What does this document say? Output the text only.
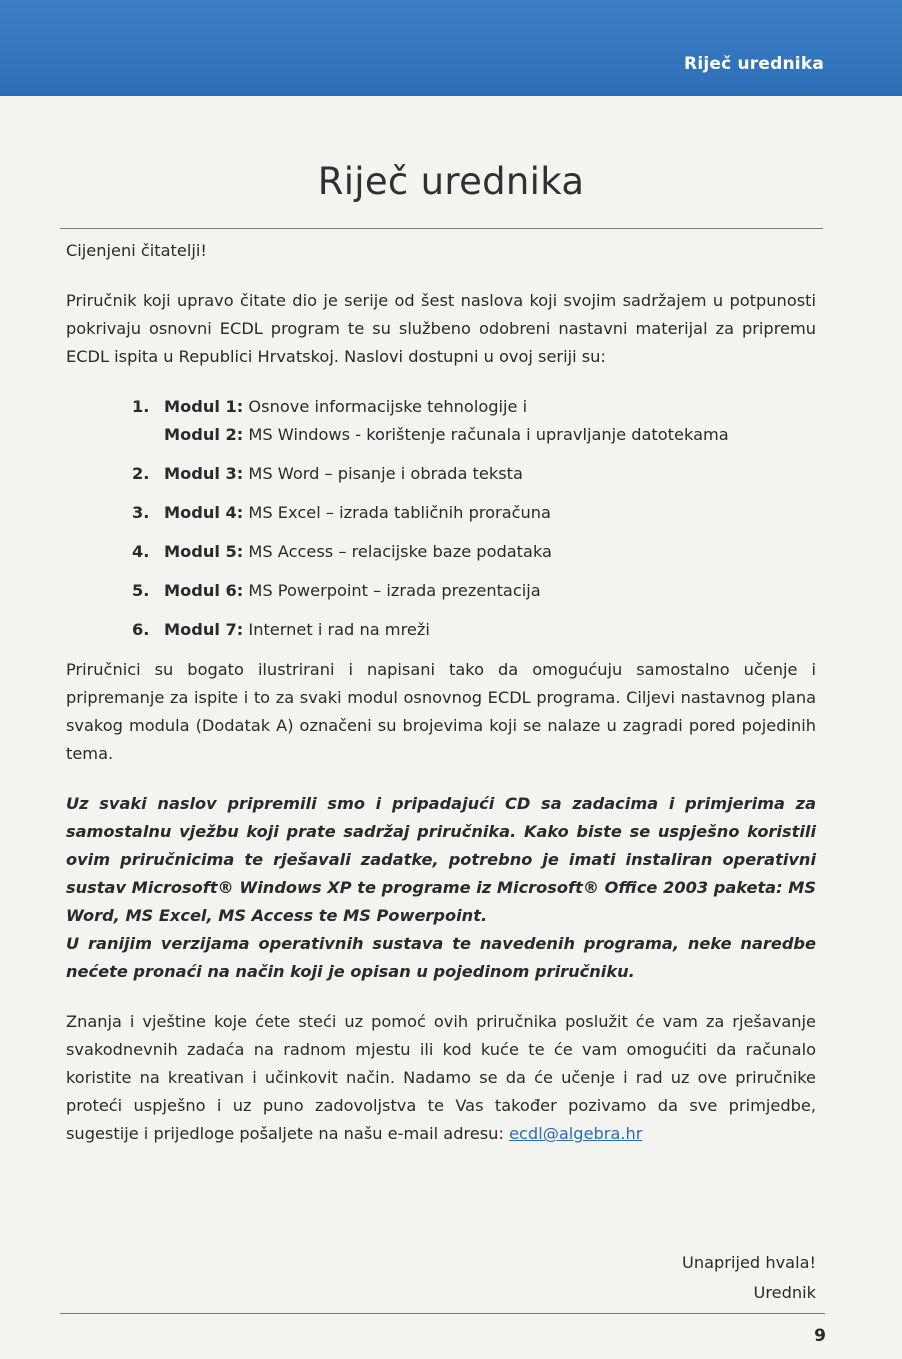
Riječ urednika
Riječ urednika

Cijenjeni čitatelji!

Priručnik koji upravo čitate dio je serije od šest naslova koji svojim sadržajem u potpunosti pokrivaju osnovni ECDL program te su službeno odobreni nastavni materijal za pripremu ECDL ispita u Republici Hrvatskoj. Naslovi dostupni u ovoj seriji su:

1. Modul 1: Osnove informacijske tehnologije i
Modul 2: MS Windows - korištenje računala i upravljanje datotekama
2. Modul 3: MS Word – pisanje i obrada teksta
3. Modul 4: MS Excel – izrada tabličnih proračuna
4. Modul 5: MS Access – relacijske baze podataka
5. Modul 6: MS Powerpoint – izrada prezentacija
6. Modul 7: Internet i rad na mreži

Priručnici su bogato ilustrirani i napisani tako da omogućuju samostalno učenje i pripremanje za ispite i to za svaki modul osnovnog ECDL programa. Ciljevi nastavnog plana svakog modula (Dodatak A) označeni su brojevima koji se nalaze u zagradi pored pojedinih tema.

Uz svaki naslov pripremili smo i pripadajući CD sa zadacima i primjerima za samostalnu vježbu koji prate sadržaj priručnika. Kako biste se uspješno koristili ovim priručnicima te rješavali zadatke, potrebno je imati instaliran operativni sustav Microsoft® Windows XP te programe iz Microsoft® Office 2003 paketa: MS Word, MS Excel, MS Access te MS Powerpoint.

U ranijim verzijama operativnih sustava te navedenih programa, neke naredbe nećete pronaći na način koji je opisan u pojedinom priručniku.

Znanja i vještine koje ćete steći uz pomoć ovih priručnika poslužit će vam za rješavanje svakodnevnih zadaća na radnom mjestu ili kod kuće te će vam omogućiti da računalo koristite na kreativan i učinkovit način. Nadamo se da će učenje i rad uz ove priručnike proteći uspješno i uz puno zadovoljstva te Vas također pozivamo da sve primjedbe, sugestije i prijedloge pošaljete na našu e-mail adresu: ecdl@algebra.hr

Unaprijed hvala!
Urednik
9
